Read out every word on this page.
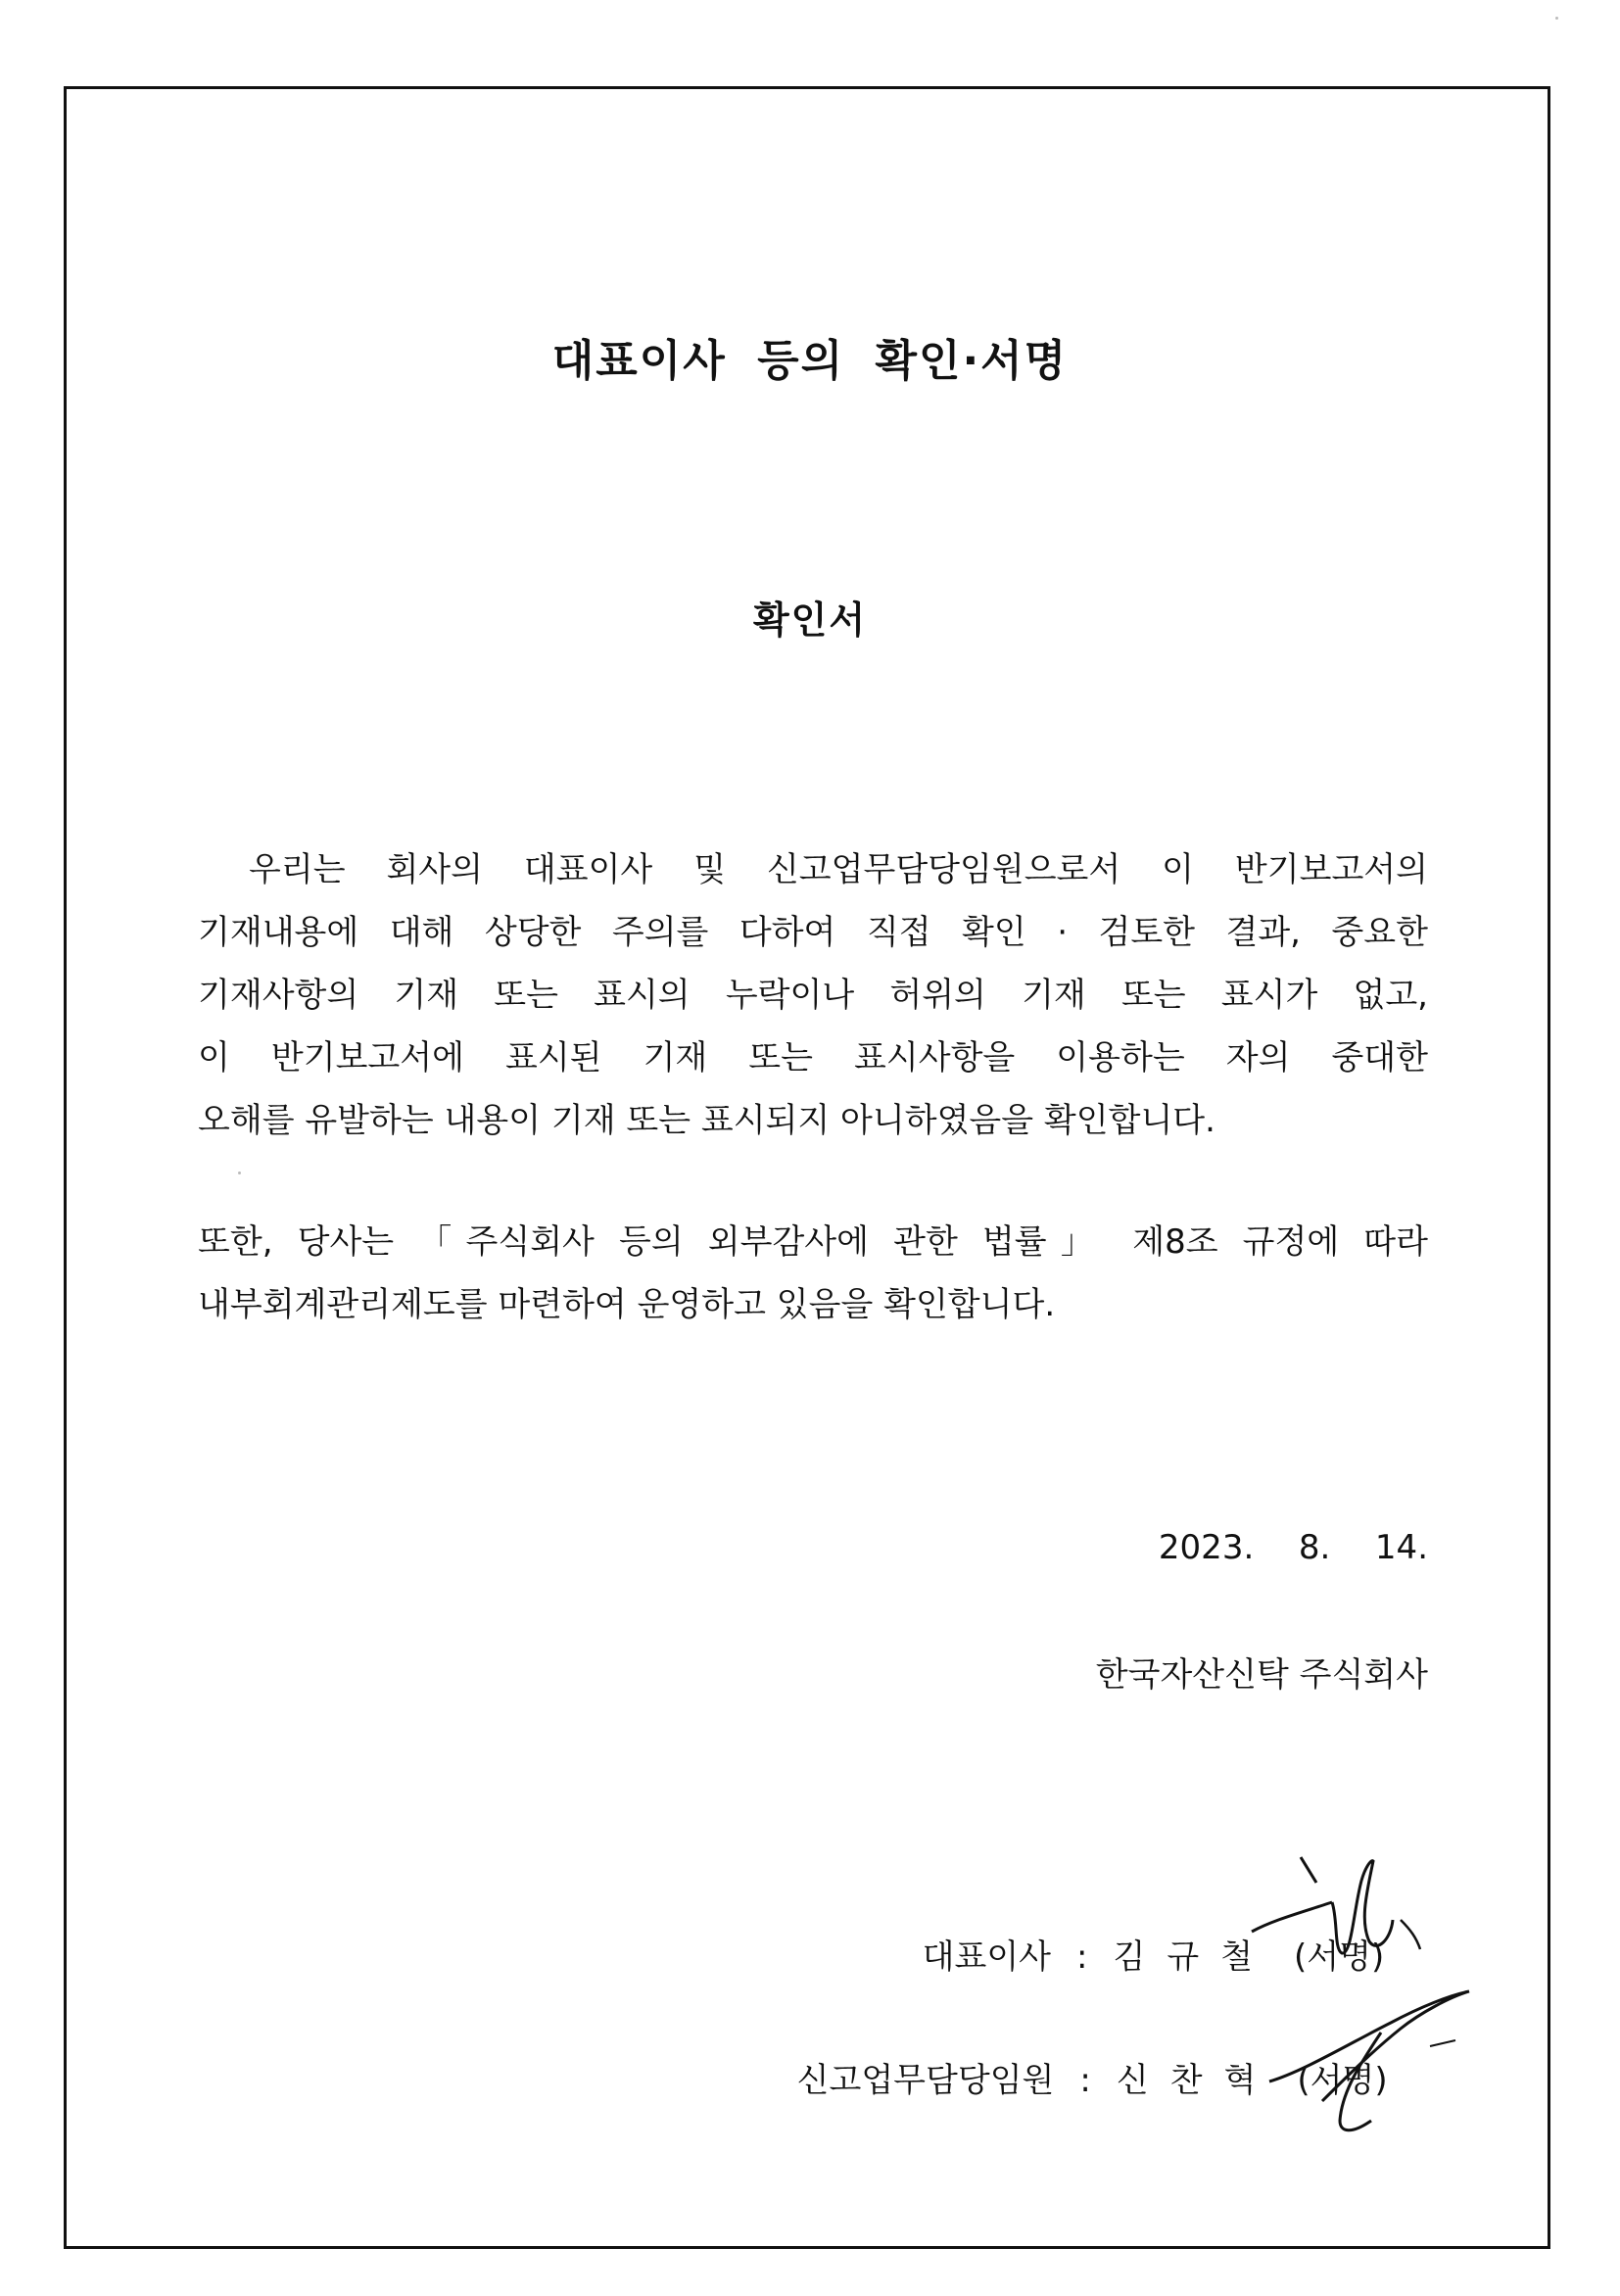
대표이사 등의 확인·서명
확인서
우리는 회사의 대표이사 및 신고업무담당임원으로서 이 반기보고서의
기재내용에 대해 상당한 주의를 다하여 직접 확인 · 검토한 결과, 중요한
기재사항의 기재 또는 표시의 누락이나 허위의 기재 또는 표시가 없고,
이 반기보고서에 표시된 기재 또는 표시사항을 이용하는 자의 중대한
오해를 유발하는 내용이 기재 또는 표시되지 아니하였음을 확인합니다.
또한, 당사는 「주식회사 등의 외부감사에 관한 법률」 제8조 규정에 따라
내부회계관리제도를 마련하여 운영하고 있음을 확인합니다.
2023.  8.  14.
한국자산신탁 주식회사

대표이사 : 김규철 (서명)

신고업무담당임원 : 신찬혁 (서명)
